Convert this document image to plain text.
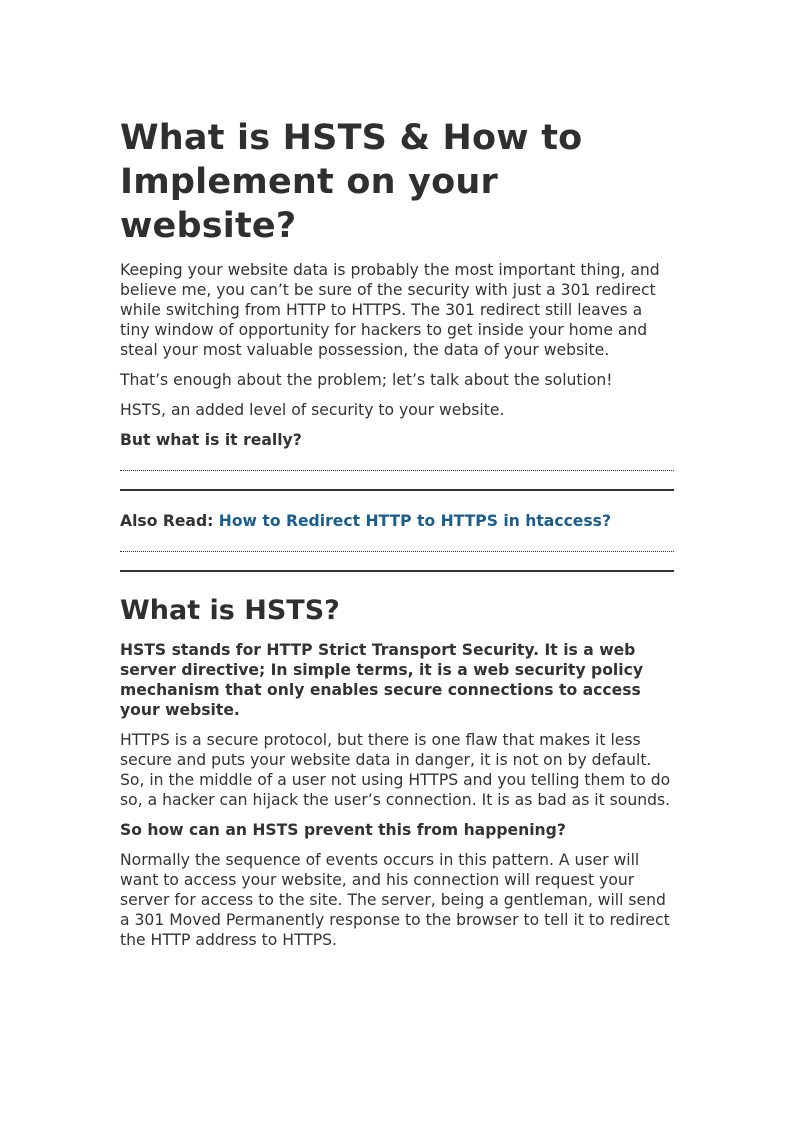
What is HSTS & How to Implement on your website?

Keeping your website data is probably the most important thing, and believe me, you can’t be sure of the security with just a 301 redirect while switching from HTTP to HTTPS. The 301 redirect still leaves a tiny window of opportunity for hackers to get inside your home and steal your most valuable possession, the data of your website.

That’s enough about the problem; let’s talk about the solution!

HSTS, an added level of security to your website.

But what is it really?

Also Read: How to Redirect HTTP to HTTPS in htaccess?

What is HSTS?

HSTS stands for HTTP Strict Transport Security. It is a web server directive; In simple terms, it is a web security policy mechanism that only enables secure connections to access your website.

HTTPS is a secure protocol, but there is one flaw that makes it less secure and puts your website data in danger, it is not on by default. So, in the middle of a user not using HTTPS and you telling them to do so, a hacker can hijack the user’s connection. It is as bad as it sounds.

So how can an HSTS prevent this from happening?

Normally the sequence of events occurs in this pattern. A user will want to access your website, and his connection will request your server for access to the site. The server, being a gentleman, will send a 301 Moved Permanently response to the browser to tell it to redirect the HTTP address to HTTPS.
